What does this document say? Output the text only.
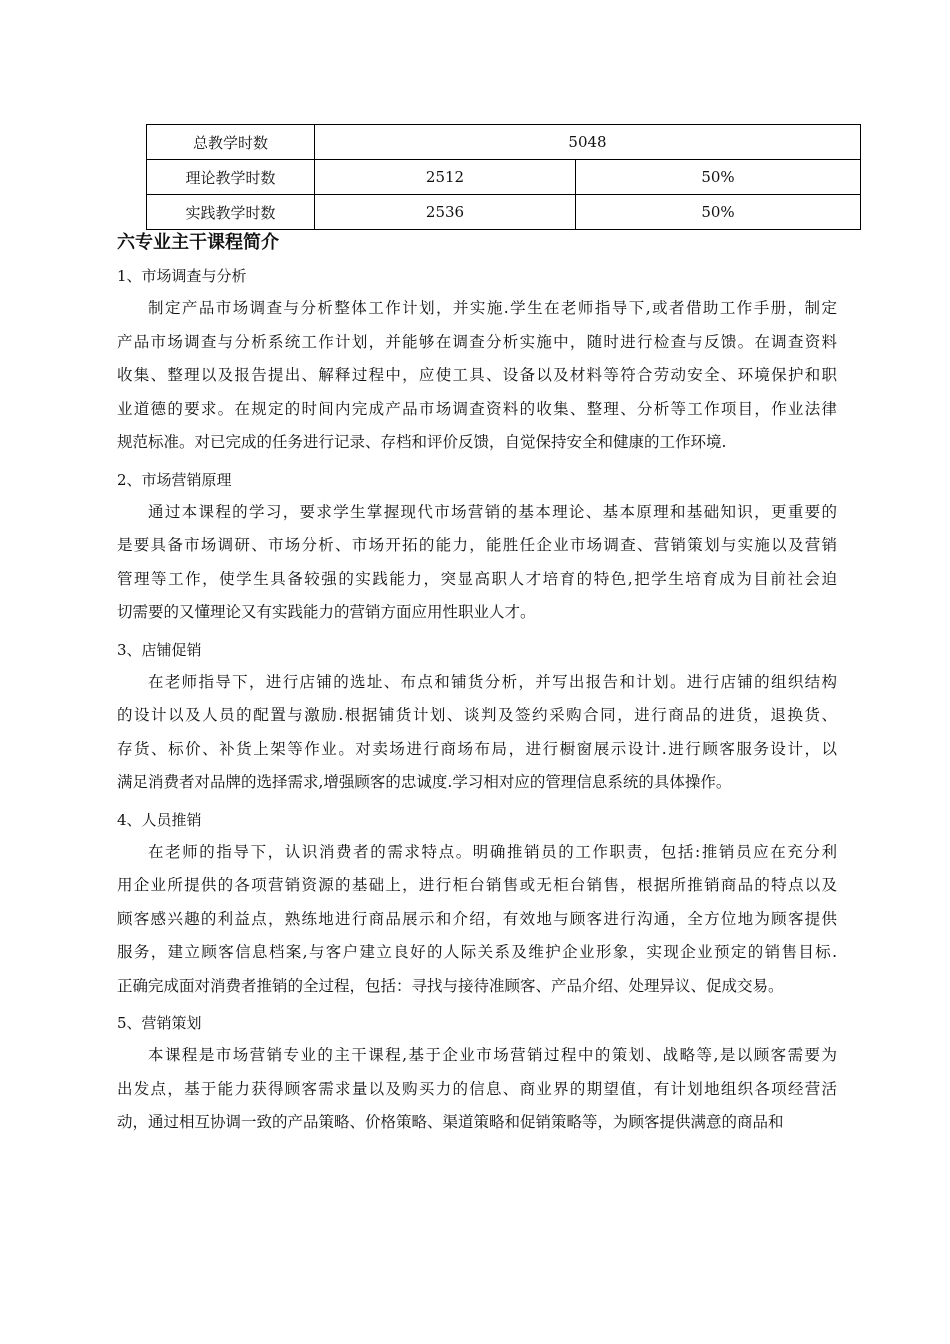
总教学时数	5048	
理论教学时数	2512	50%
实践教学时数	2536	50%
六专业主干课程简介
1、市场调查与分析
制定产品市场调查与分析整体工作计划，并实施.学生在老师指导下,或者借助工作手册，制定
产品市场调查与分析系统工作计划，并能够在调查分析实施中，随时进行检查与反馈。在调查资料
收集、整理以及报告提出、解释过程中，应使工具、设备以及材料等符合劳动安全、环境保护和职
业道德的要求。在规定的时间内完成产品市场调查资料的收集、整理、分析等工作项目，作业法律
规范标准。对已完成的任务进行记录、存档和评价反馈，自觉保持安全和健康的工作环境.
2、市场营销原理
通过本课程的学习，要求学生掌握现代市场营销的基本理论、基本原理和基础知识，更重要的
是要具备市场调研、市场分析、市场开拓的能力，能胜任企业市场调查、营销策划与实施以及营销
管理等工作，使学生具备较强的实践能力，突显高职人才培育的特色,把学生培育成为目前社会迫
切需要的又懂理论又有实践能力的营销方面应用性职业人才。
3、店铺促销
在老师指导下，进行店铺的选址、布点和铺货分析，并写出报告和计划。进行店铺的组织结构
的设计以及人员的配置与激励.根据铺货计划、谈判及签约采购合同，进行商品的进货，退换货、
存货、标价、补货上架等作业。对卖场进行商场布局，进行橱窗展示设计.进行顾客服务设计，以
满足消费者对品牌的选择需求,增强顾客的忠诚度.学习相对应的管理信息系统的具体操作。
4、人员推销
在老师的指导下，认识消费者的需求特点。明确推销员的工作职责，包括:推销员应在充分利
用企业所提供的各项营销资源的基础上，进行柜台销售或无柜台销售，根据所推销商品的特点以及
顾客感兴趣的利益点，熟练地进行商品展示和介绍，有效地与顾客进行沟通，全方位地为顾客提供
服务，建立顾客信息档案,与客户建立良好的人际关系及维护企业形象，实现企业预定的销售目标.
正确完成面对消费者推销的全过程，包括：寻找与接待准顾客、产品介绍、处理异议、促成交易。
5、营销策划
本课程是市场营销专业的主干课程,基于企业市场营销过程中的策划、战略等,是以顾客需要为
出发点，基于能力获得顾客需求量以及购买力的信息、商业界的期望值，有计划地组织各项经营活
动，通过相互协调一致的产品策略、价格策略、渠道策略和促销策略等，为顾客提供满意的商品和
